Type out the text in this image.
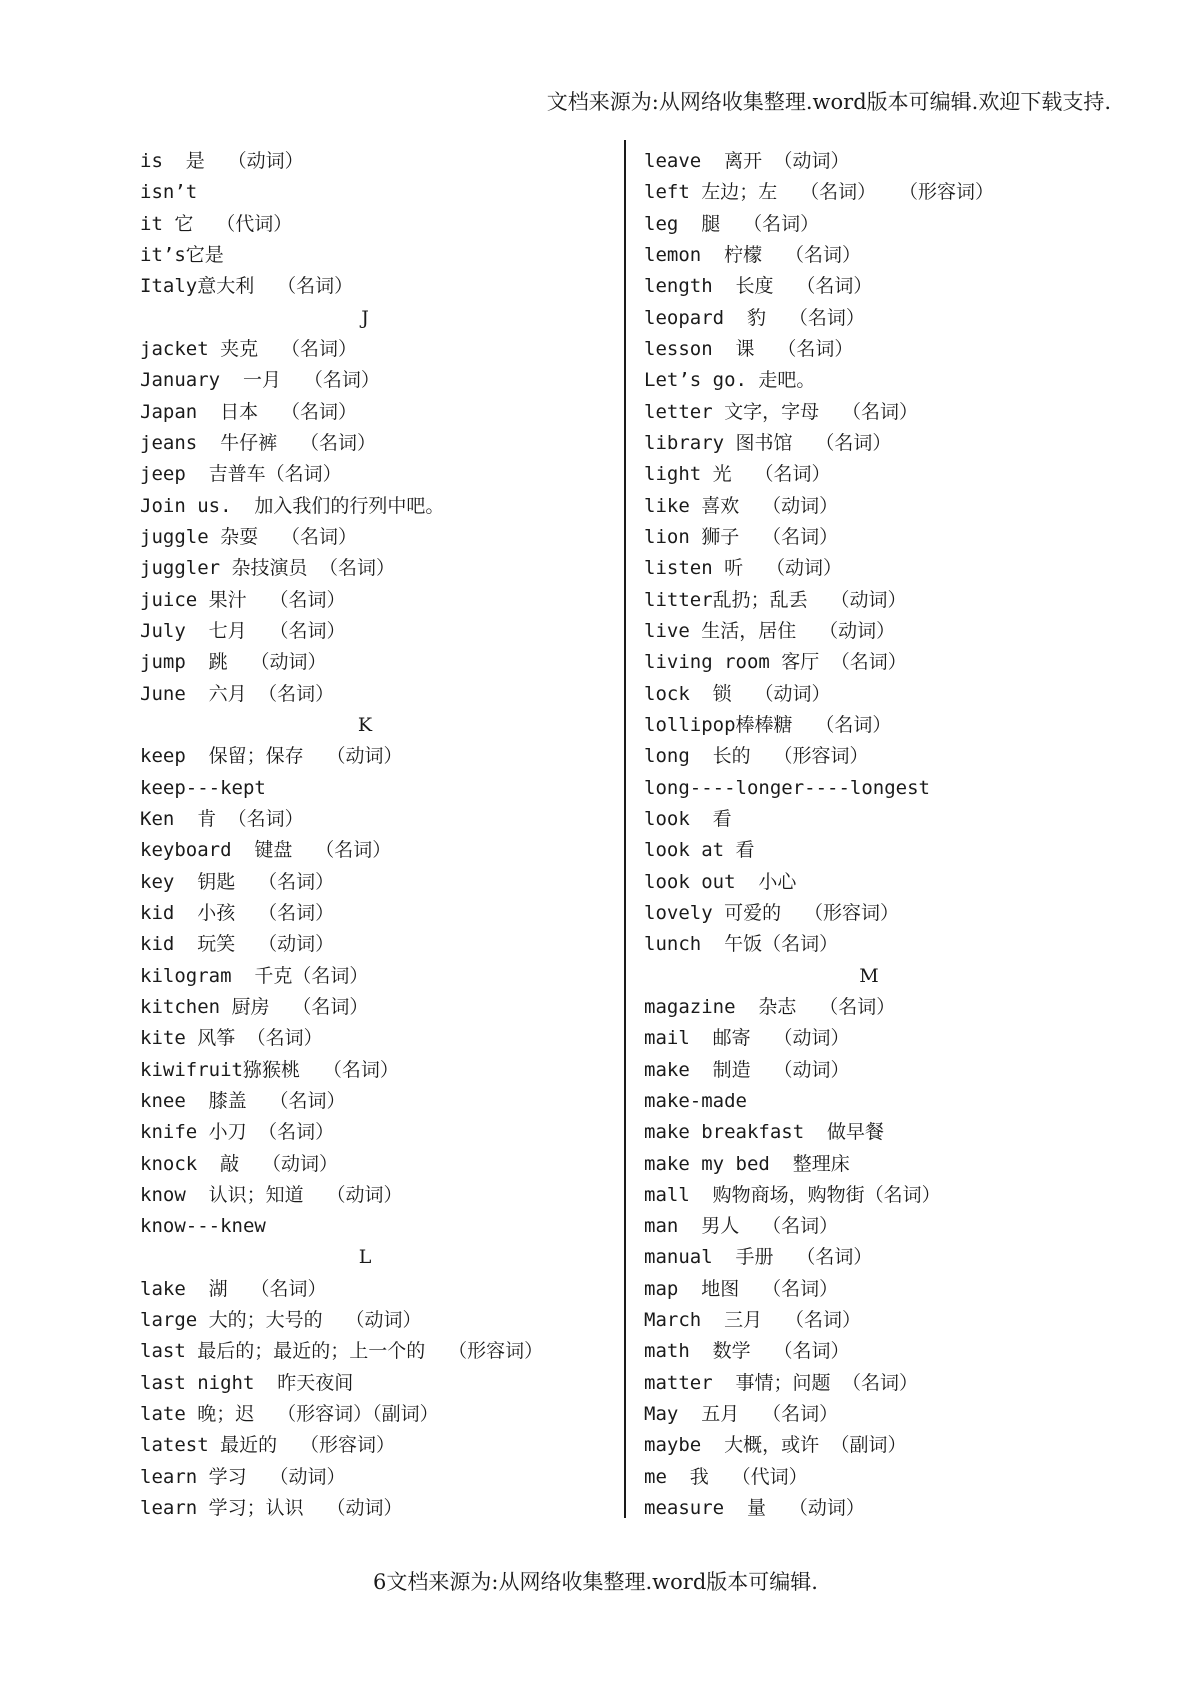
文档来源为:从网络收集整理.word版本可编辑.欢迎下载支持.
is  是  （动词）
isn’t
it 它  （代词）
it’s它是
Italy意大利  （名词）
J
jacket 夹克  （名词）
January  一月  （名词）
Japan  日本  （名词）
jeans  牛仔裤  （名词）
jeep  吉普车（名词）
Join us.  加入我们的行列中吧。
juggle 杂耍  （名词）
juggler 杂技演员 （名词）
juice 果汁  （名词）
July  七月  （名词）
jump  跳  （动词）
June  六月 （名词）
K
keep  保留；保存  （动词）
keep---kept
Ken  肯 （名词）
keyboard  键盘  （名词）
key  钥匙  （名词）
kid  小孩  （名词）
kid  玩笑  （动词）
kilogram  千克（名词）
kitchen 厨房  （名词）
kite 风筝 （名词）
kiwifruit猕猴桃  （名词）
knee  膝盖  （名词）
knife 小刀 （名词）
knock  敲  （动词）
know  认识；知道  （动词）
know---knew
L
lake  湖  （名词）
large 大的；大号的  （动词）
last 最后的；最近的；上一个的  （形容词）
last night  昨天夜间
late 晚；迟  （形容词）（副词）
latest 最近的  （形容词）
learn 学习  （动词）
learn 学习；认识  （动词）
leave  离开 （动词）
left 左边；左  （名词）  （形容词）
leg  腿  （名词）
lemon  柠檬  （名词）
length  长度  （名词）
leopard  豹  （名词）
lesson  课  （名词）
Let’s go. 走吧。
letter 文字，字母  （名词）
library 图书馆  （名词）
light 光  （名词）
like 喜欢  （动词）
lion 狮子  （名词）
listen 听  （动词）
litter乱扔；乱丢  （动词）
live 生活，居住  （动词）
living room 客厅 （名词）
lock  锁  （动词）
lollipop棒棒糖  （名词）
long  长的  （形容词）
long----longer----longest
look  看
look at 看
look out  小心
lovely 可爱的  （形容词）
lunch  午饭（名词）
M
magazine  杂志  （名词）
mail  邮寄  （动词）
make  制造  （动词）
make-made
make breakfast  做早餐
make my bed  整理床
mall  购物商场，购物街（名词）
man  男人  （名词）
manual  手册  （名词）
map  地图  （名词）
March  三月  （名词）
math  数学  （名词）
matter  事情；问题 （名词）
May  五月  （名词）
maybe  大概，或许 （副词）
me  我  （代词）
measure  量  （动词）
6文档来源为:从网络收集整理.word版本可编辑.
